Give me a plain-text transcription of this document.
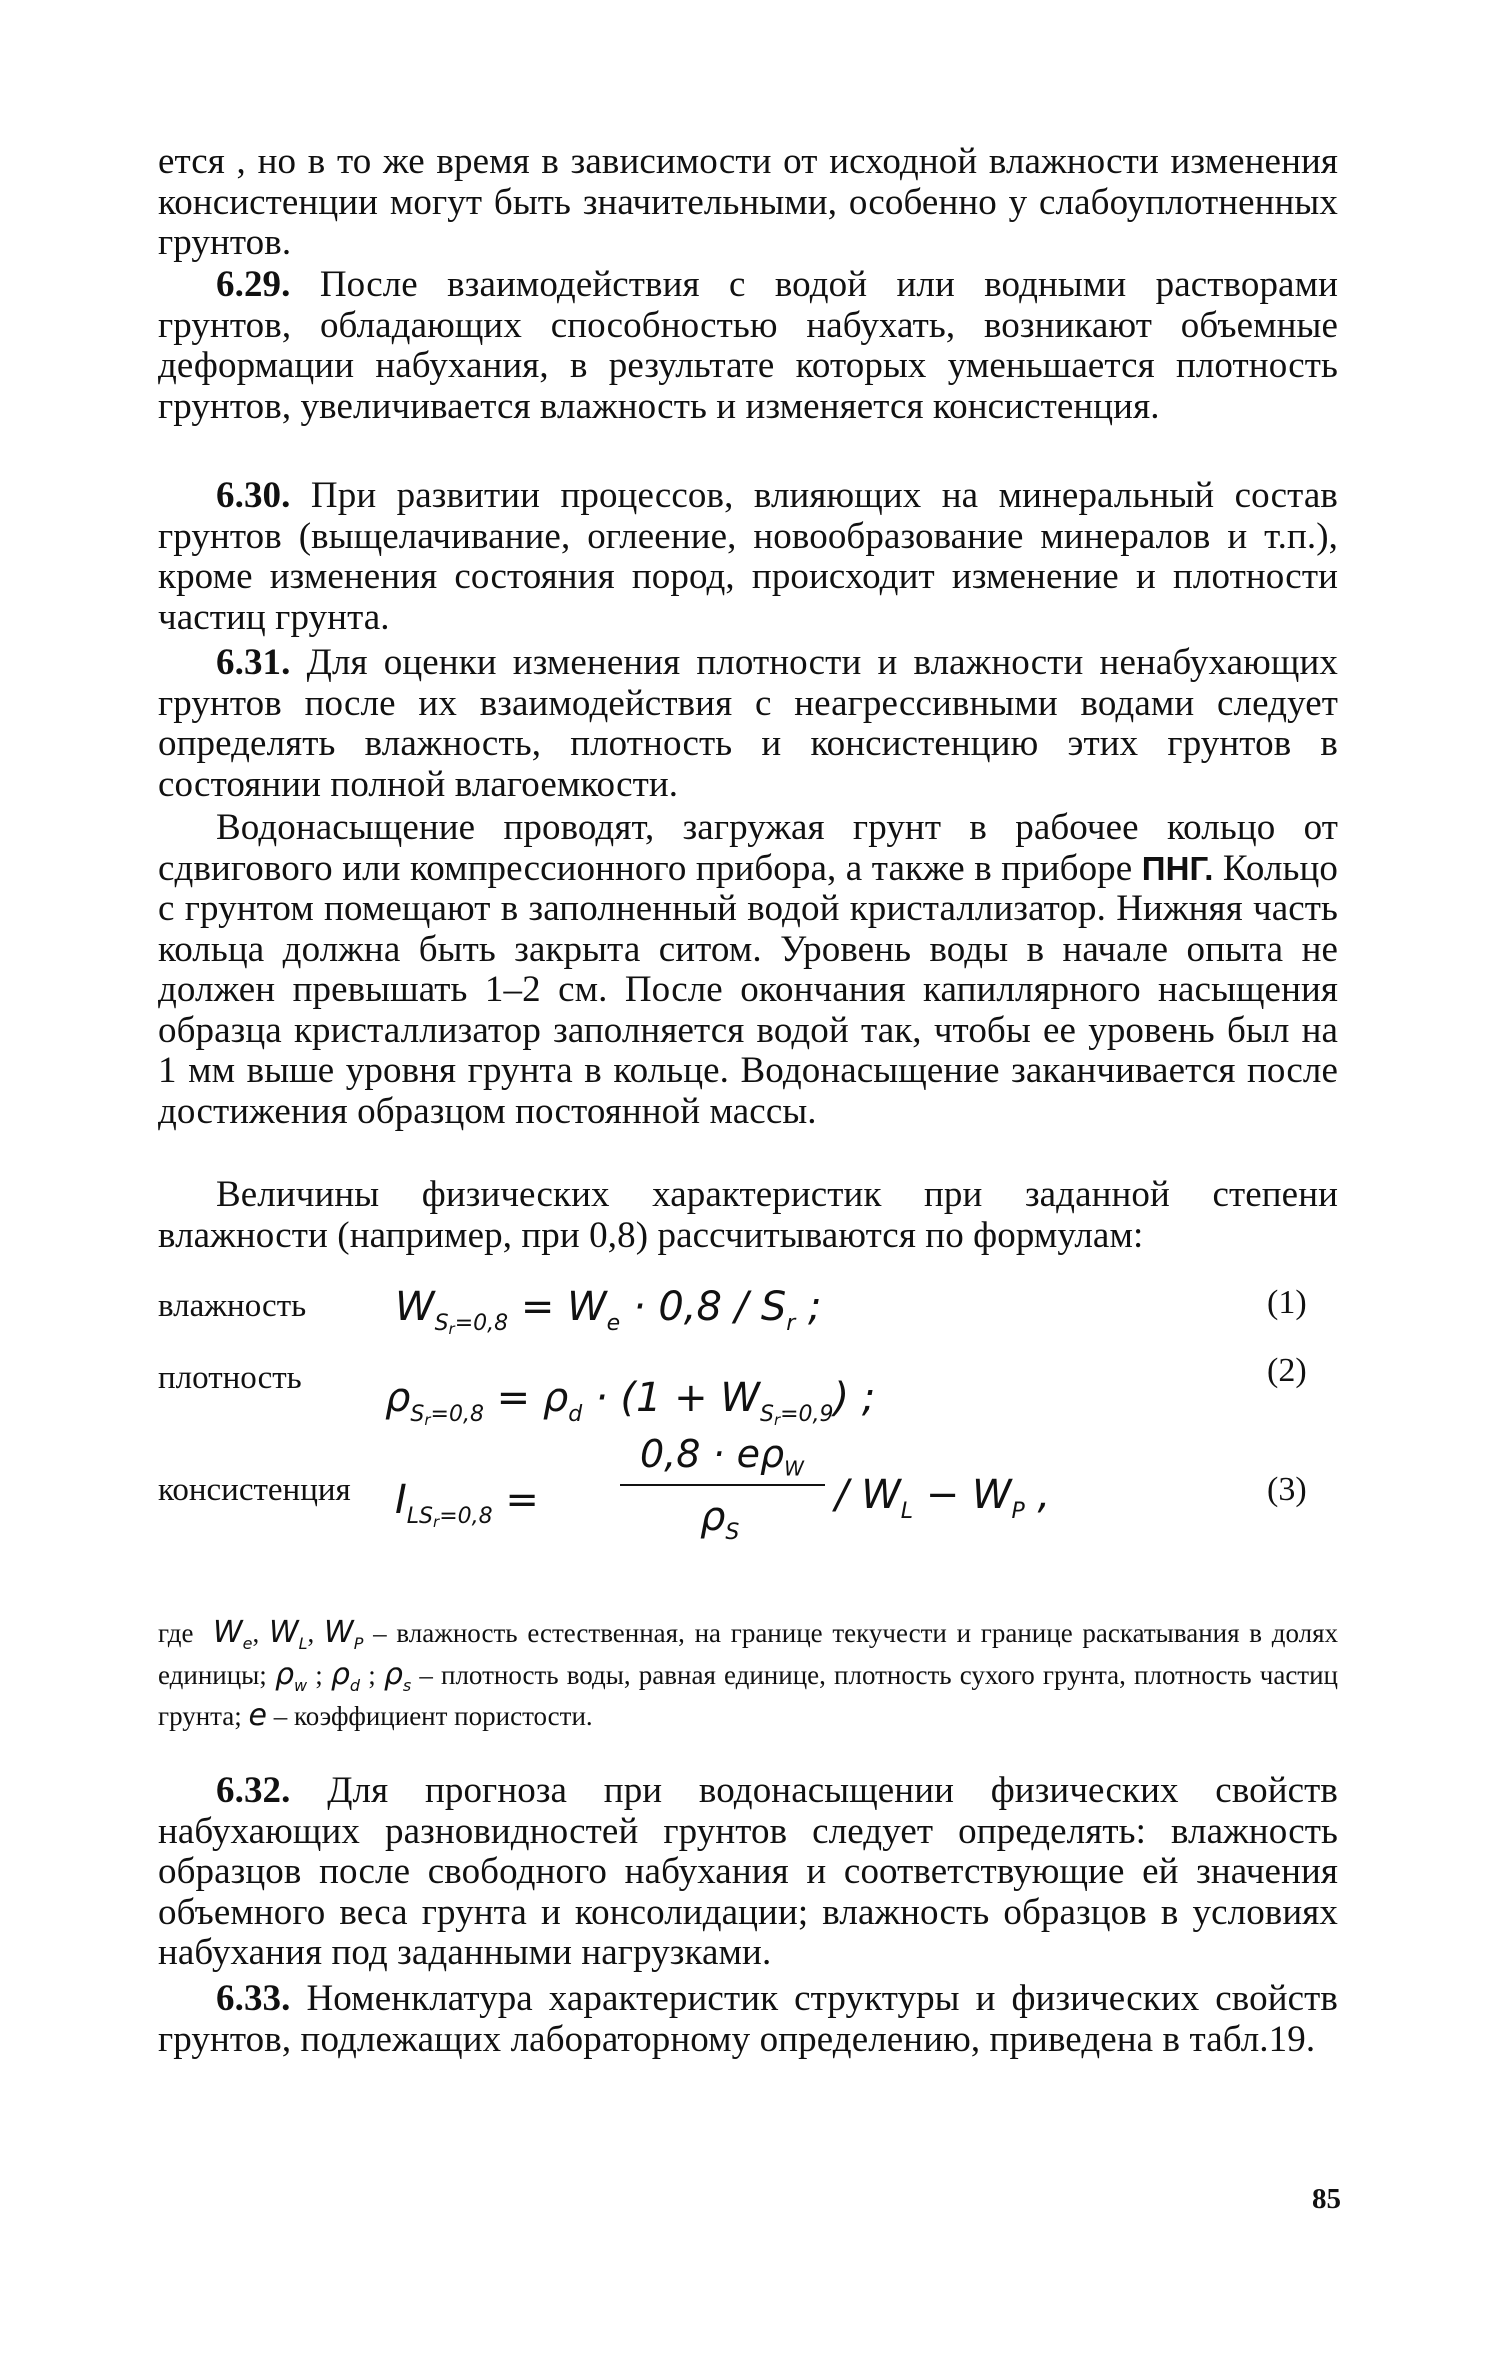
ется , но в то же время в зависимости от исходной влажности изменения консистенции могут быть значительными, особенно у слабоуплотненных грунтов.

6.29. После взаимодействия с водой или водными растворами грунтов, обладающих способностью набухать, возникают объемные деформации набухания, в результате которых уменьшается плотность грунтов, увеличивается влажность и изменяется консистенция.

6.30. При развитии процессов, влияющих на минеральный состав грунтов (выщелачивание, оглеение, новообразование минералов и т.п.), кроме изменения состояния пород, происходит изменение и плотности частиц грунта.

6.31. Для оценки изменения плотности и влажности ненабухающих грунтов после их взаимодействия с неагрессивными водами следует определять влажность, плотность и консистенцию этих грунтов в состоянии полной влагоемкости.

Водонасыщение проводят, загружая грунт в рабочее кольцо от сдвигового или компрессионного прибора, а также в приборе ПНГ. Кольцо с грунтом помещают в заполненный водой кристаллизатор. Нижняя часть кольца должна быть закрыта ситом. Уровень воды в начале опыта не должен превышать 1–2 см. После окончания капиллярного насыщения образца кристаллизатор заполняется водой так, чтобы ее уровень был на 1 мм выше уровня грунта в кольце. Водонасыщение заканчивается после достижения образцом постоянной массы.

Величины физических характеристик при заданной степени влажности (например, при 0,8) рассчитываются по формулам:

влажность $W_{S_r=0,8} = W_e \cdot 0,8 / S_r$ ;	(1)
плотность $\rho_{S_r=0,8} = \rho_d \cdot (1 + W_{S_r=0,9})$ ;
(2)
консистенция $I_{LS_r=0,8}$ =
$0,8 \cdot e\rho_W$
$\rho_S$
/ $W_L - W_P$ ,	(3)

где $W_e$, $W_L$, $W_P$ – влажность естественная, на границе текучести и границе раскатывания в долях единицы; $\rho_w$ ; $\rho_d$ ; $\rho_s$ – плотность воды, равная единице, плотность сухого грунта, плотность частиц грунта; e – коэффициент пористости.

6.32. Для прогноза при водонасыщении физических свойств набухающих разновидностей грунтов следует определять: влажность образцов после свободного набухания и соответствующие ей значения объемного веса грунта и консолидации; влажность образцов в условиях набухания под заданными нагрузками.

6.33. Номенклатура характеристик структуры и физических свойств грунтов, подлежащих лабораторному определению, приведена в табл.19.

85
